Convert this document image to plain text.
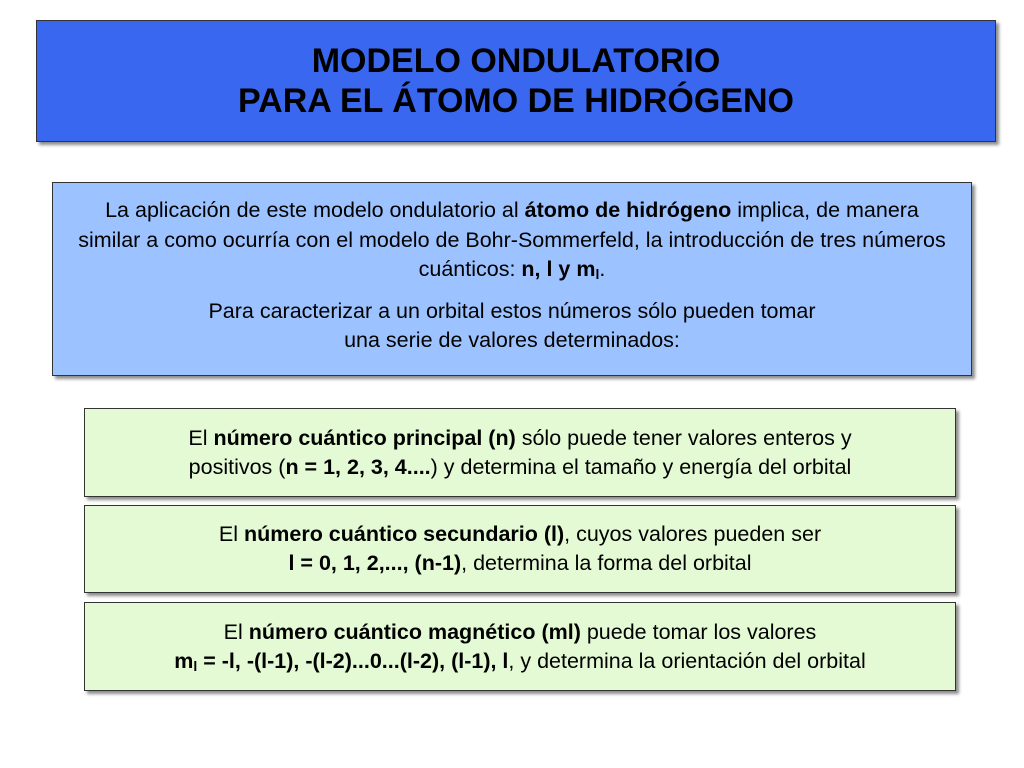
MODELO ONDULATORIO
PARA EL ÁTOMO DE HIDRÓGENO

La aplicación de este modelo ondulatorio al átomo de hidrógeno implica, de manera similar a como ocurría con el modelo de Bohr-Sommerfeld, la introducción de tres números cuánticos: n, l y $m_l$.

Para caracterizar a un orbital estos números sólo pueden tomar
una serie de valores determinados:

El número cuántico principal (n) sólo puede tener valores enteros y
positivos (n = 1, 2, 3, 4....) y determina el tamaño y energía del orbital
El número cuántico secundario (l), cuyos valores pueden ser
l = 0, 1, 2,..., (n-1), determina la forma del orbital
El número cuántico magnético (ml) puede tomar los valores
$m_l = -l$, -(l-1), -(l-2)...0...(l-2), (l-1), l, y determina la orientación del orbital
